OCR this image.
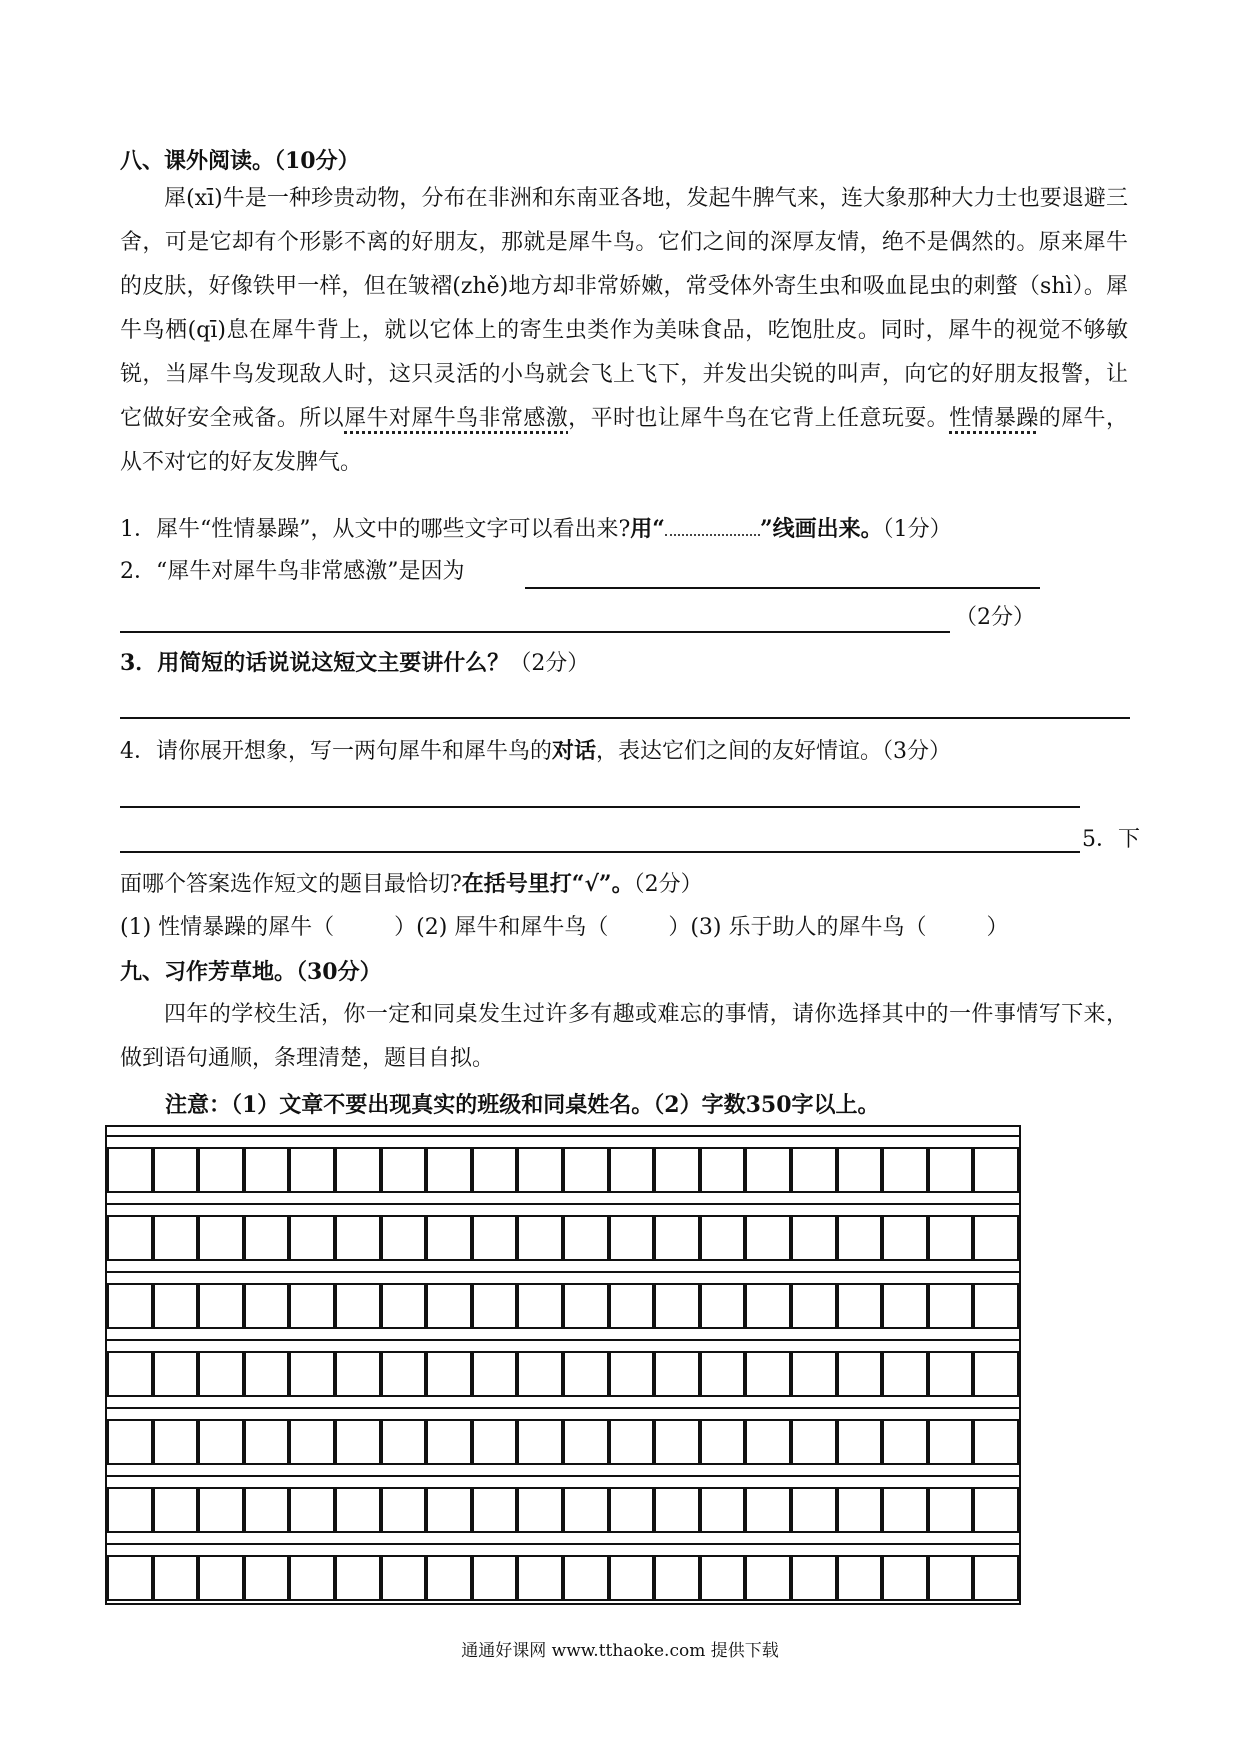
八、课外阅读。（10分）
犀(xī)牛是一种珍贵动物，分布在非洲和东南亚各地，发起牛脾气来，连大象那种大力士也要退避三舍，可是它却有个形影不离的好朋友，那就是犀牛鸟。它们之间的深厚友情，绝不是偶然的。原来犀牛的皮肤，好像铁甲一样，但在皱褶(zhě)地方却非常娇嫩，常受体外寄生虫和吸血昆虫的刺螫（shì）。犀牛鸟栖(qī)息在犀牛背上，就以它体上的寄生虫类作为美味食品，吃饱肚皮。同时，犀牛的视觉不够敏锐，当犀牛鸟发现敌人时，这只灵活的小鸟就会飞上飞下，并发出尖锐的叫声，向它的好朋友报警，让它做好安全戒备。所以犀牛对犀牛鸟非常感激，平时也让犀牛鸟在它背上任意玩耍。性情暴躁的犀牛，从不对它的好友发脾气。
1．犀牛“性情暴躁”，从文中的哪些文字可以看出来?用“	”线画出来。（1分）
2．“犀牛对犀牛鸟非常感激”是因为
（2分）
3．用简短的话说说这短文主要讲什么？（2分）
4．请你展开想象，写一两句犀牛和犀牛鸟的对话，表达它们之间的友好情谊。（3分）
5．下
面哪个答案选作短文的题目最恰切?在括号里打“√”。（2分）
(1) 性情暴躁的犀牛（	）(2) 犀牛和犀牛鸟（	）(3) 乐于助人的犀牛鸟（	）
九、习作芳草地。（30分）
四年的学校生活，你一定和同桌发生过许多有趣或难忘的事情，请你选择其中的一件事情写下来，做到语句通顺，条理清楚，题目自拟。
注意：（1）文章不要出现真实的班级和同桌姓名。（2）字数350字以上。
通通好课网 www.tthaoke.com 提供下载
